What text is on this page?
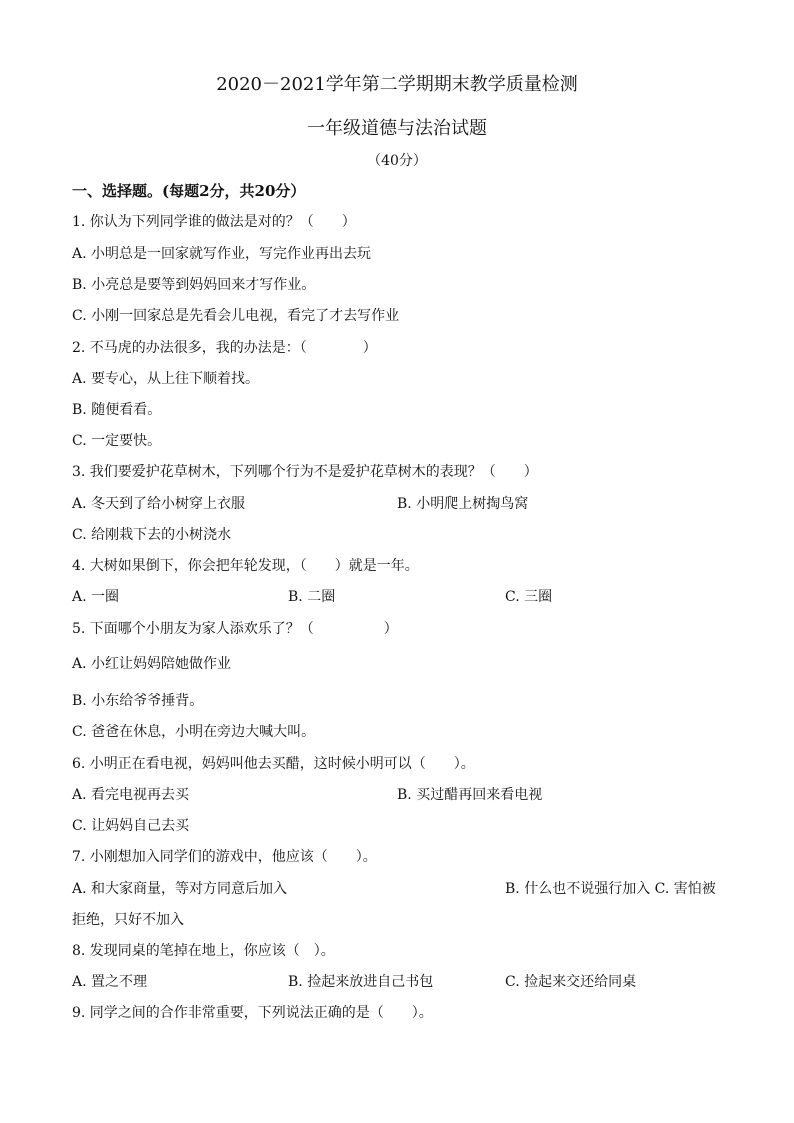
2020－2021学年第二学期期末教学质量检测
一年级道德与法治试题
（40分）
一、选择题。(每题2分，共20分）
1. 你认为下列同学谁的做法是对的？（　　）
A. 小明总是一回家就写作业，写完作业再出去玩
B. 小亮总是要等到妈妈回来才写作业。
C. 小刚一回家总是先看会儿电视，看完了才去写作业
2. 不马虎的办法很多，我的办法是：（　　　　）
A. 要专心，从上往下顺着找。
B. 随便看看。
C. 一定要快。
3. 我们要爱护花草树木，下列哪个行为不是爱护花草树木的表现？（　　）
A. 冬天到了给小树穿上衣服	B. 小明爬上树掏鸟窝
C. 给刚栽下去的小树浇水
4. 大树如果倒下，你会把年轮发现，（　　）就是一年。
A. 一圈	B. 二圈	C. 三圈
5. 下面哪个小朋友为家人添欢乐了？（　　　　　）
A. 小红让妈妈陪她做作业
B. 小东给爷爷捶背。
C. 爸爸在休息，小明在旁边大喊大叫。
6. 小明正在看电视，妈妈叫他去买醋，这时候小明可以（　　）。
A. 看完电视再去买	B. 买过醋再回来看电视
C. 让妈妈自己去买
7. 小刚想加入同学们的游戏中，他应该（　　）。
A. 和大家商量，等对方同意后加入	B. 什么也不说强行加入 C. 害怕被
拒绝，只好不加入
8. 发现同桌的笔掉在地上，你应该（　）。
A. 置之不理	B. 捡起来放进自己书包	C. 捡起来交还给同桌
9. 同学之间的合作非常重要，下列说法正确的是（　　）。
